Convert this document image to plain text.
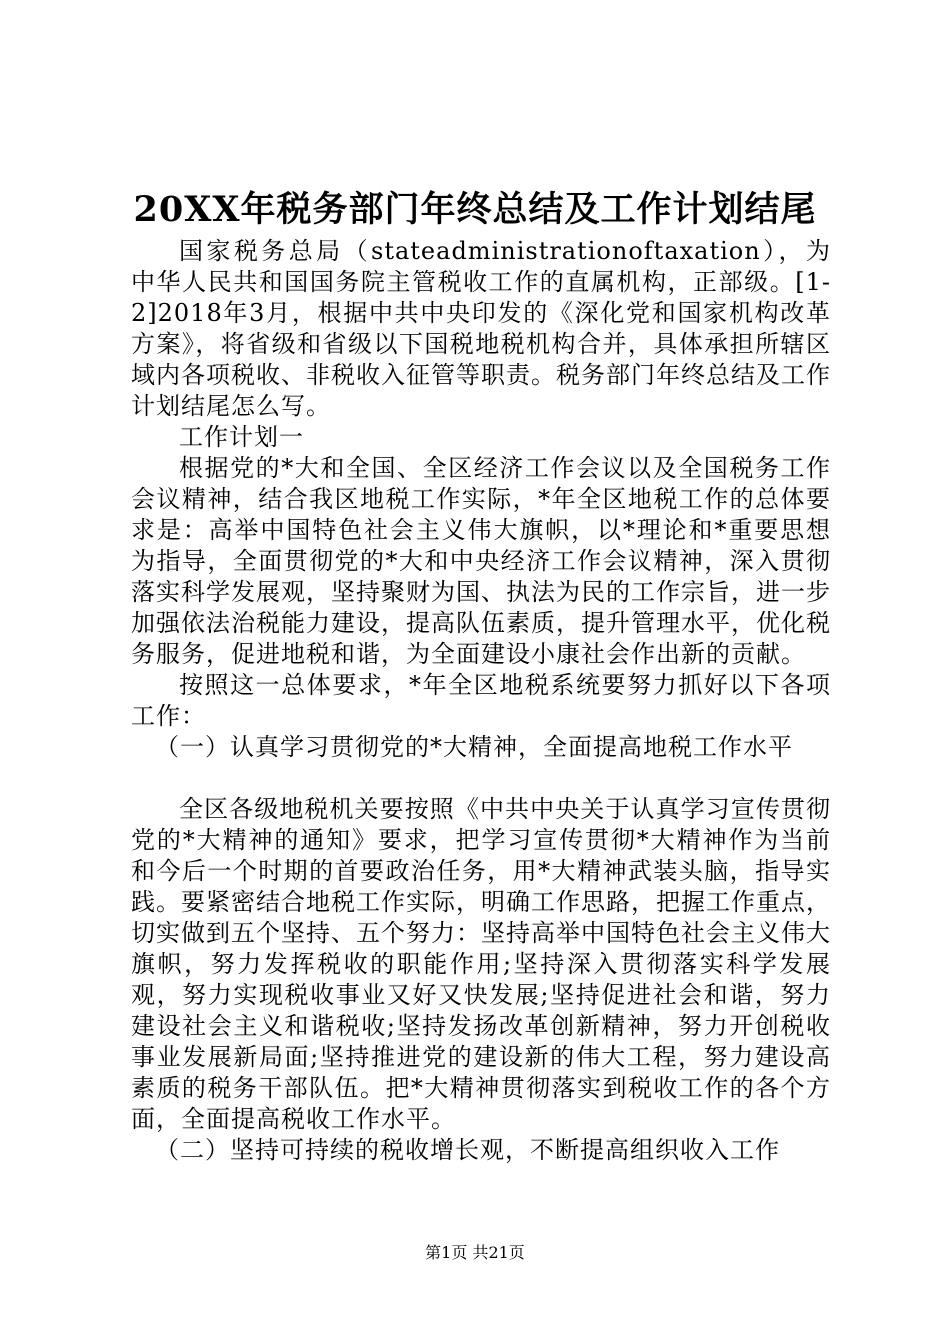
20XX年税务部门年终总结及工作计划结尾

国家税务总局（stateadministrationoftaxation），为中华人民共和国国务院主管税收工作的直属机构，正部级。[1-2]2018年3月，根据中共中央印发的《深化党和国家机构改革方案》，将省级和省级以下国税地税机构合并，具体承担所辖区域内各项税收、非税收入征管等职责。税务部门年终总结及工作计划结尾怎么写。

工作计划一

根据党的*大和全国、全区经济工作会议以及全国税务工作会议精神，结合我区地税工作实际，*年全区地税工作的总体要求是：高举中国特色社会主义伟大旗帜，以*理论和*重要思想为指导，全面贯彻党的*大和中央经济工作会议精神，深入贯彻落实科学发展观，坚持聚财为国、执法为民的工作宗旨，进一步加强依法治税能力建设，提高队伍素质，提升管理水平，优化税务服务，促进地税和谐，为全面建设小康社会作出新的贡献。

按照这一总体要求，*年全区地税系统要努力抓好以下各项工作：

（一）认真学习贯彻党的*大精神，全面提高地税工作水平

全区各级地税机关要按照《中共中央关于认真学习宣传贯彻党的*大精神的通知》要求，把学习宣传贯彻*大精神作为当前和今后一个时期的首要政治任务，用*大精神武装头脑，指导实践。要紧密结合地税工作实际，明确工作思路，把握工作重点，切实做到五个坚持、五个努力：坚持高举中国特色社会主义伟大旗帜，努力发挥税收的职能作用;坚持深入贯彻落实科学发展观，努力实现税收事业又好又快发展;坚持促进社会和谐，努力建设社会主义和谐税收;坚持发扬改革创新精神，努力开创税收事业发展新局面;坚持推进党的建设新的伟大工程，努力建设高素质的税务干部队伍。把*大精神贯彻落实到税收工作的各个方面，全面提高税收工作水平。

（二）坚持可持续的税收增长观，不断提高组织收入工作

第1页 共21页
